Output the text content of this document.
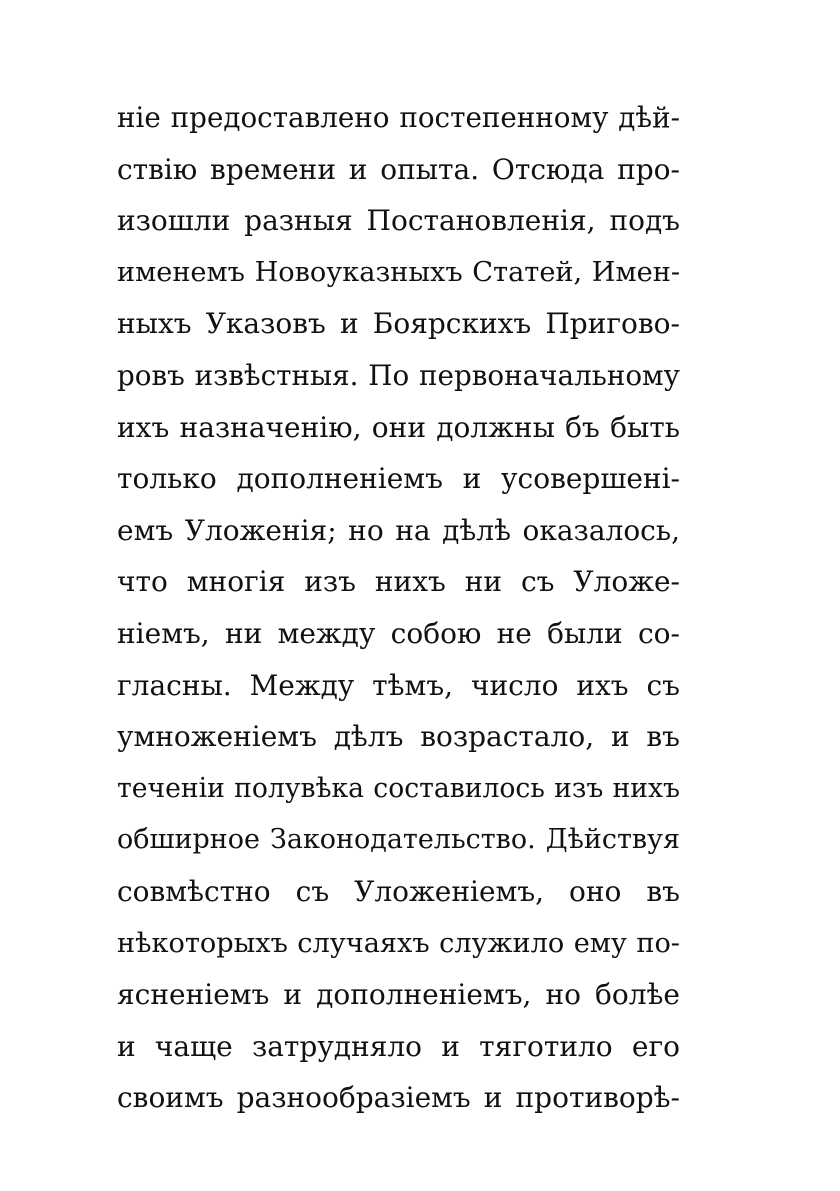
ніе предоставлено постепенному дѣй-
ствію времени и опыта. Отсюда про-
изошли разныя Постановленія, подъ
именемъ Новоуказныхъ Статей, Имен-
ныхъ Указовъ и Боярскихъ Пригово-
ровъ извѣстныя. По первоначальному
ихъ назначенію, они должны бъ быть
только дополненіемъ и усовершені-
емъ Уложенія; но на дѣлѣ оказалось,
что многія изъ нихъ ни съ Уложе-
ніемъ, ни между собою не были со-
гласны. Между тѣмъ, число ихъ съ
умноженіемъ дѣлъ возрастало, и въ
теченіи полувѣка составилось изъ нихъ
обширное Законодательство. Дѣйствуя
совмѣстно съ Уложеніемъ, оно въ
нѣкоторыхъ случаяхъ служило ему по-
ясненіемъ и дополненіемъ, но болѣе
и чаще затрудняло и тяготило его
своимъ разнообразіемъ и противорѣ-
